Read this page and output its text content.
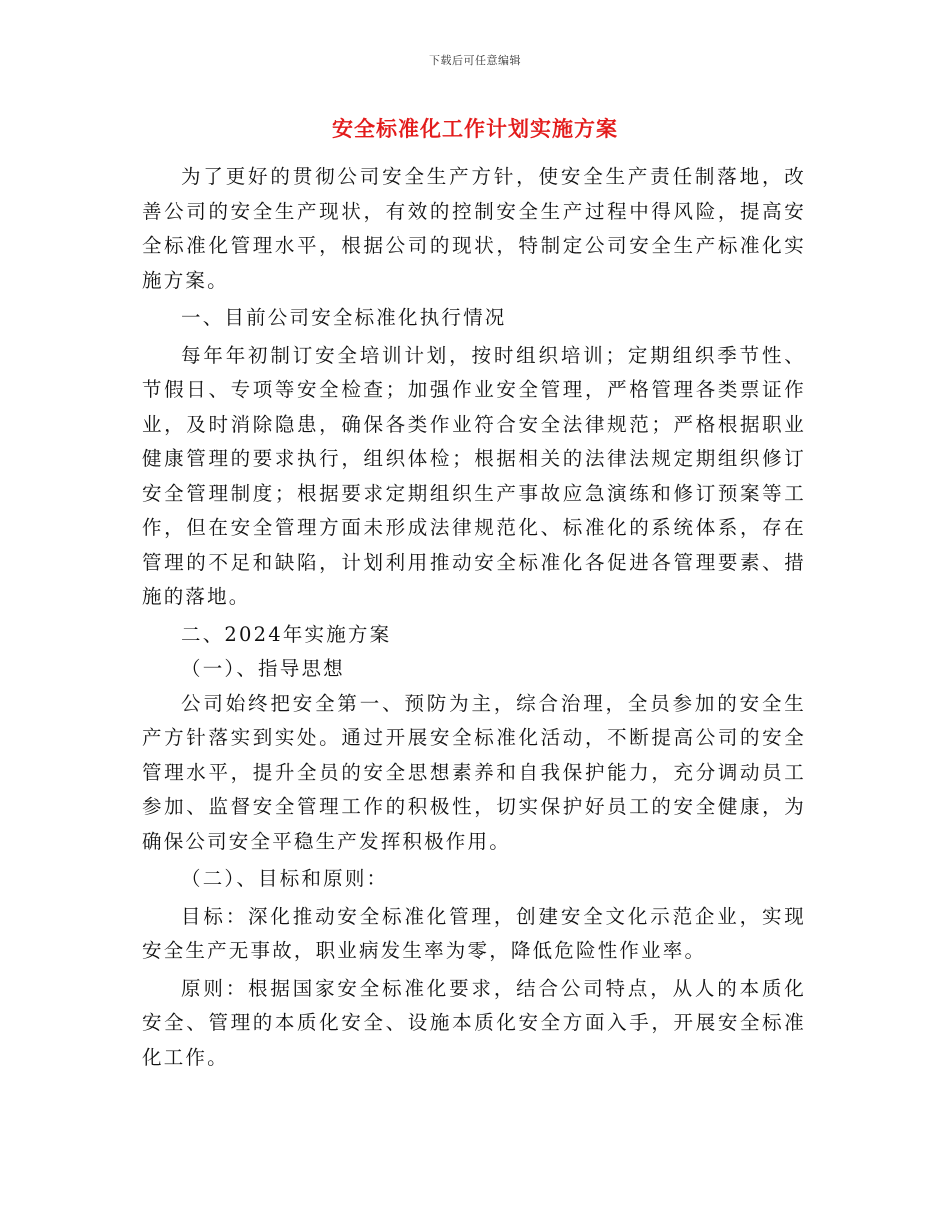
下载后可任意编辑
安全标准化工作计划实施方案

为了更好的贯彻公司安全生产方针，使安全生产责任制落地，改善公司的安全生产现状，有效的控制安全生产过程中得风险，提高安全标准化管理水平，根据公司的现状，特制定公司安全生产标准化实施方案。

一、目前公司安全标准化执行情况

每年年初制订安全培训计划，按时组织培训；定期组织季节性、节假日、专项等安全检查；加强作业安全管理，严格管理各类票证作业，及时消除隐患，确保各类作业符合安全法律规范；严格根据职业健康管理的要求执行，组织体检；根据相关的法律法规定期组织修订安全管理制度；根据要求定期组织生产事故应急演练和修订预案等工作，但在安全管理方面未形成法律规范化、标准化的系统体系，存在管理的不足和缺陷，计划利用推动安全标准化各促进各管理要素、措施的落地。

二、2024年实施方案

（一）、指导思想

公司始终把安全第一、预防为主，综合治理，全员参加的安全生产方针落实到实处。通过开展安全标准化活动，不断提高公司的安全管理水平，提升全员的安全思想素养和自我保护能力，充分调动员工参加、监督安全管理工作的积极性，切实保护好员工的安全健康，为确保公司安全平稳生产发挥积极作用。

（二）、目标和原则：

目标：深化推动安全标准化管理，创建安全文化示范企业，实现安全生产无事故，职业病发生率为零，降低危险性作业率。

原则：根据国家安全标准化要求，结合公司特点，从人的本质化安全、管理的本质化安全、设施本质化安全方面入手，开展安全标准化工作。
